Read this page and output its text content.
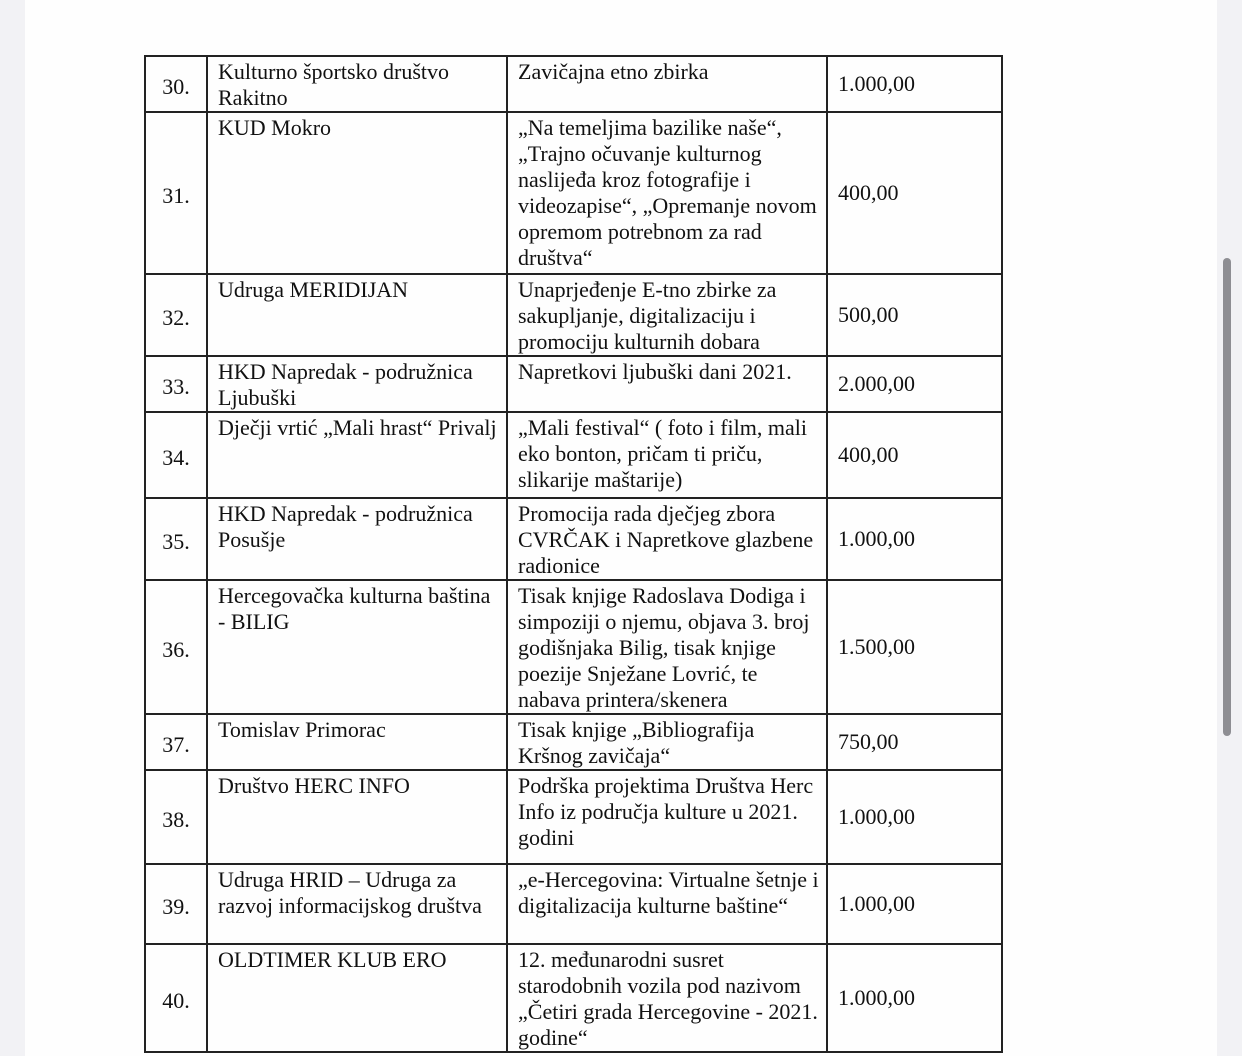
30.	Kulturno športsko društvo Rakitno	Zavičajna etno zbirka	1.000,00
31.	KUD Mokro	„Na temeljima bazilike naše“, „Trajno očuvanje kulturnog naslijeđa kroz fotografije i videozapise“, „Opremanje novom opremom potrebnom za rad društva“	400,00
32.	Udruga MERIDIJAN	Unaprjeđenje E-tno zbirke za sakupljanje, digitalizaciju i promociju kulturnih dobara	500,00
33.	HKD Napredak - podružnica Ljubuški	Napretkovi ljubuški dani 2021.	2.000,00
34.	Dječji vrtić „Mali hrast“ Privalj	„Mali festival“ ( foto i film, mali eko bonton, pričam ti priču, slikarije maštarije)	400,00
35.	HKD Napredak - podružnica Posušje	Promocija rada dječjeg zbora CVRČAK i Napretkove glazbene radionice	1.000,00
36.	Hercegovačka kulturna baština - BILIG	Tisak knjige Radoslava Dodiga i simpoziji o njemu, objava 3. broj godišnjaka Bilig, tisak knjige poezije Snježane Lovrić, te nabava printera/skenera	1.500,00
37.	Tomislav Primorac	Tisak knjige „Bibliografija Kršnog zavičaja“	750,00
38.	Društvo HERC INFO	Podrška projektima Društva Herc Info iz područja kulture u 2021. godini	1.000,00
39.	Udruga HRID – Udruga za razvoj informacijskog društva	„e-Hercegovina: Virtualne šetnje i digitalizacija kulturne baštine“	1.000,00
40.	OLDTIMER KLUB ERO	12. međunarodni susret starodobnih vozila pod nazivom „Četiri grada Hercegovine - 2021. godine“	1.000,00
